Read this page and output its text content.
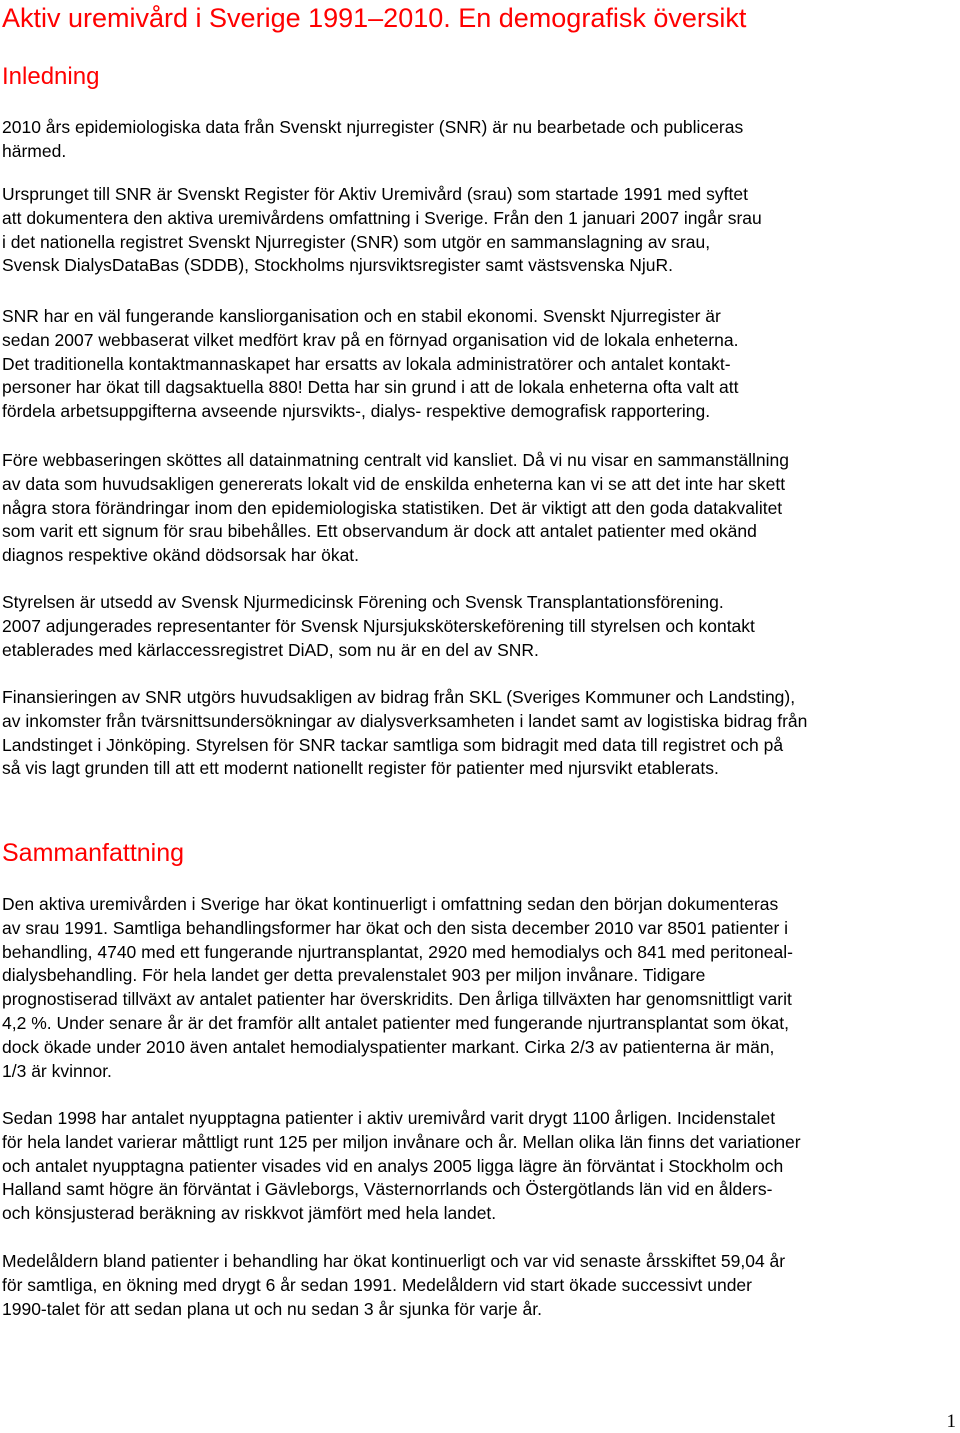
Aktiv uremivård i Sverige 1991–2010. En demografisk översikt
Inledning

2010 års epidemiologiska data från Svenskt njurregister (SNR) är nu bearbetade och publiceras
härmed.

Ursprunget till SNR är Svenskt Register för Aktiv Uremivård (srau) som startade 1991 med syftet
att dokumentera den aktiva uremivårdens omfattning i Sverige. Från den 1 januari 2007 ingår srau
i det nationella registret Svenskt Njurregister (SNR) som utgör en sammanslagning av srau,
Svensk DialysDataBas (SDDB), Stockholms njursviktsregister samt västsvenska NjuR.

SNR har en väl fungerande kansliorganisation och en stabil ekonomi. Svenskt Njurregister är
sedan 2007 webbaserat vilket medfört krav på en förnyad organisation vid de lokala enheterna.
Det traditionella kontaktmannaskapet har ersatts av lokala administratörer och antalet kontakt-
personer har ökat till dagsaktuella 880! Detta har sin grund i att de lokala enheterna ofta valt att
fördela arbetsuppgifterna avseende njursvikts-, dialys- respektive demografisk rapportering.

Före webbaseringen sköttes all datainmatning centralt vid kansliet. Då vi nu visar en sammanställning
av data som huvudsakligen genererats lokalt vid de enskilda enheterna kan vi se att det inte har skett
några stora förändringar inom den epidemiologiska statistiken. Det är viktigt att den goda datakvalitet
som varit ett signum för srau bibehålles. Ett observandum är dock att antalet patienter med okänd
diagnos respektive okänd dödsorsak har ökat.

Styrelsen är utsedd av Svensk Njurmedicinsk Förening och Svensk Transplantationsförening.
2007 adjungerades representanter för Svensk Njursjuksköterskeförening till styrelsen och kontakt
etablerades med kärlaccessregistret DiAD, som nu är en del av SNR.

Finansieringen av SNR utgörs huvudsakligen av bidrag från SKL (Sveriges Kommuner och Landsting),
av inkomster från tvärsnittsundersökningar av dialysverksamheten i landet samt av logistiska bidrag från
Landstinget i Jönköping. Styrelsen för SNR tackar samtliga som bidragit med data till registret och på
så vis lagt grunden till att ett modernt nationellt register för patienter med njursvikt etablerats.

Sammanfattning

Den aktiva uremivården i Sverige har ökat kontinuerligt i omfattning sedan den början dokumenteras
av srau 1991. Samtliga behandlingsformer har ökat och den sista december 2010 var 8501 patienter i
behandling, 4740 med ett fungerande njurtransplantat, 2920 med hemodialys och 841 med peritoneal-
dialysbehandling. För hela landet ger detta prevalenstalet 903 per miljon invånare. Tidigare
prognostiserad tillväxt av antalet patienter har överskridits. Den årliga tillväxten har genomsnittligt varit
4,2 %. Under senare år är det framför allt antalet patienter med fungerande njurtransplantat som ökat,
dock ökade under 2010 även antalet hemodialyspatienter markant. Cirka 2/3 av patienterna är män,
1/3 är kvinnor.

Sedan 1998 har antalet nyupptagna patienter i aktiv uremivård varit drygt 1100 årligen. Incidenstalet
för hela landet varierar måttligt runt 125 per miljon invånare och år. Mellan olika län finns det variationer
och antalet nyupptagna patienter visades vid en analys 2005 ligga lägre än förväntat i Stockholm och
Halland samt högre än förväntat i Gävleborgs, Västernorrlands och Östergötlands län vid en ålders-
och könsjusterad beräkning av riskkvot jämfört med hela landet.

Medelåldern bland patienter i behandling har ökat kontinuerligt och var vid senaste årsskiftet 59,04 år
för samtliga, en ökning med drygt 6 år sedan 1991. Medelåldern vid start ökade successivt under
1990-talet för att sedan plana ut och nu sedan 3 år sjunka för varje år.

1
